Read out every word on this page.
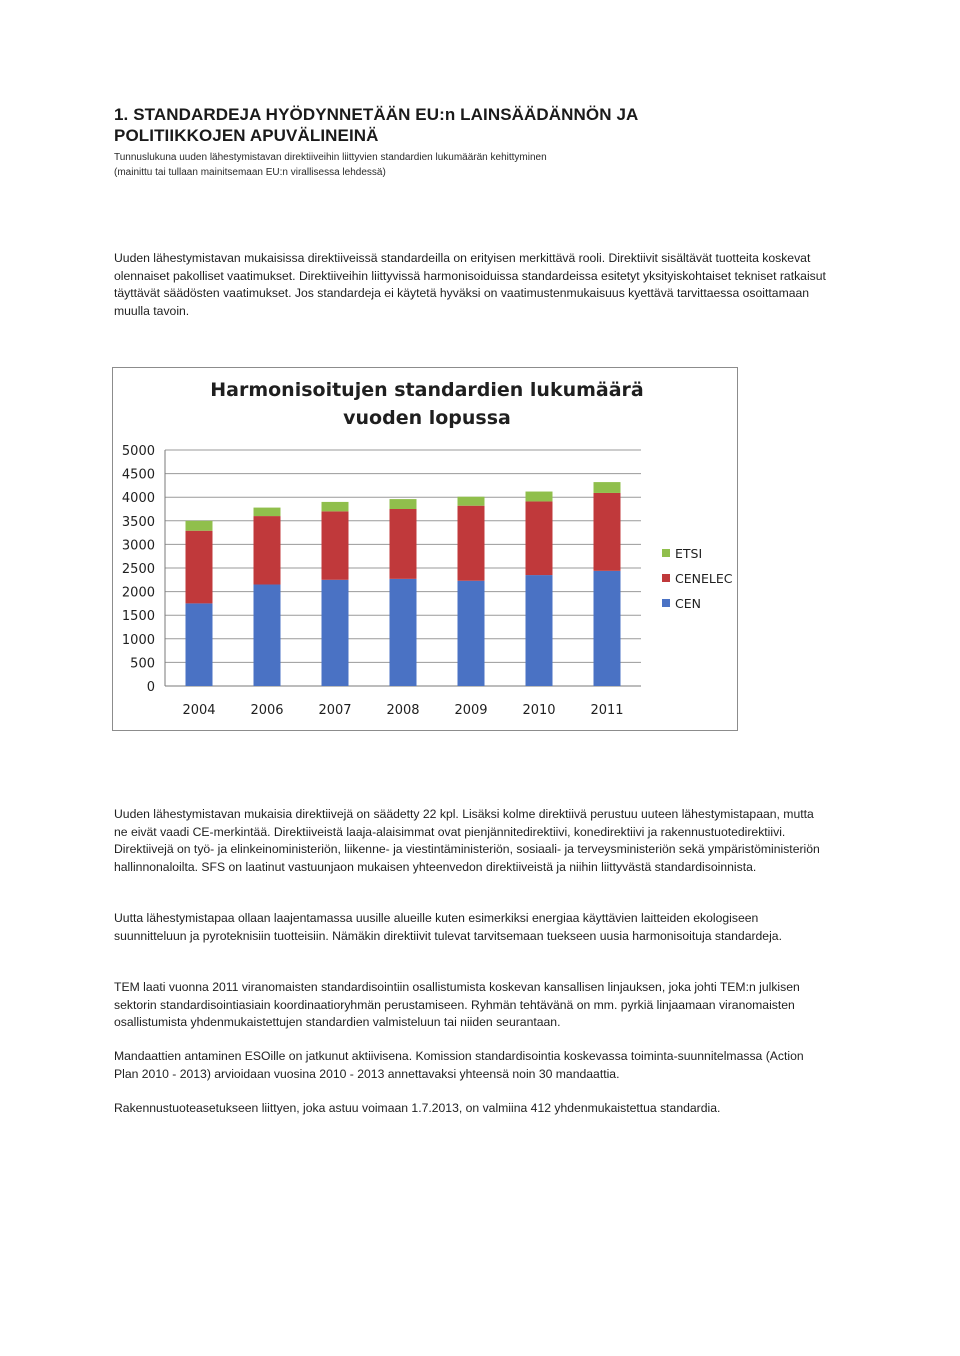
1. STANDARDEJA HYÖDYNNETÄÄN EU:n LAINSÄÄDÄNNÖN JA POLITIIKKOJEN APUVÄLINEINÄ

Tunnuslukuna uuden lähestymistavan direktiiveihin liittyvien standardien lukumäärän kehittyminen (mainittu tai tullaan mainitsemaan EU:n virallisessa lehdessä)

Uuden lähestymistavan mukaisissa direktiiveissä standardeilla on erityisen merkittävä rooli. Direktiivit sisältävät tuotteita koskevat olennaiset pakolliset vaatimukset. Direktiiveihin liittyvissä harmonisoiduissa standardeissa esitetyt yksityiskohtaiset tekniset ratkaisut täyttävät säädösten vaatimukset. Jos standardeja ei käytetä hyväksi on vaatimustenmukaisuus kyettävä tarvittaessa osoittamaan muulla tavoin.

Harmonisoitujen standardien lukumäärä vuoden lopussa
0
500
1000
1500
2000
2500
3000
3500
4000
4500
5000
2004	2006	2007	2008	2009	2010	2011
ETSI
CENELEC
CEN

Uuden lähestymistavan mukaisia direktiivejä on säädetty 22 kpl. Lisäksi kolme direktiivä perustuu uuteen lähestymistapaan, mutta ne eivät vaadi CE-merkintää. Direktiiveistä laaja-alaisimmat ovat pienjännitedirektiivi, konedirektiivi ja rakennustuotedirektiivi. Direktiivejä on työ- ja elinkeinoministeriön, liikenne- ja viestintäministeriön, sosiaali- ja terveysministeriön sekä ympäristöministeriön hallinnonaloilta. SFS on laatinut vastuunjaon mukaisen yhteenvedon direktiiveistä ja niihin liittyvästä standardisoinnista.

Uutta lähestymistapaa ollaan laajentamassa uusille alueille kuten esimerkiksi energiaa käyttävien laitteiden ekologiseen suunnitteluun ja pyroteknisiin tuotteisiin. Nämäkin direktiivit tulevat tarvitsemaan tuekseen uusia harmonisoituja standardeja.

TEM laati vuonna 2011 viranomaisten standardisointiin osallistumista koskevan kansallisen linjauksen, joka johti TEM:n julkisen sektorin standardisointiasiain koordinaatioryhmän perustamiseen. Ryhmän tehtävänä on mm. pyrkiä linjaamaan viranomaisten osallistumista yhdenmukaistettujen standardien valmisteluun tai niiden seurantaan.

Mandaattien antaminen ESOille on jatkunut aktiivisena. Komission standardisointia koskevassa toiminta-suunnitelmassa (Action Plan 2010 - 2013) arvioidaan vuosina 2010 - 2013 annettavaksi yhteensä noin 30 mandaattia.

Rakennustuoteasetukseen liittyen, joka astuu voimaan 1.7.2013, on valmiina 412 yhdenmukaistettua standardia.
